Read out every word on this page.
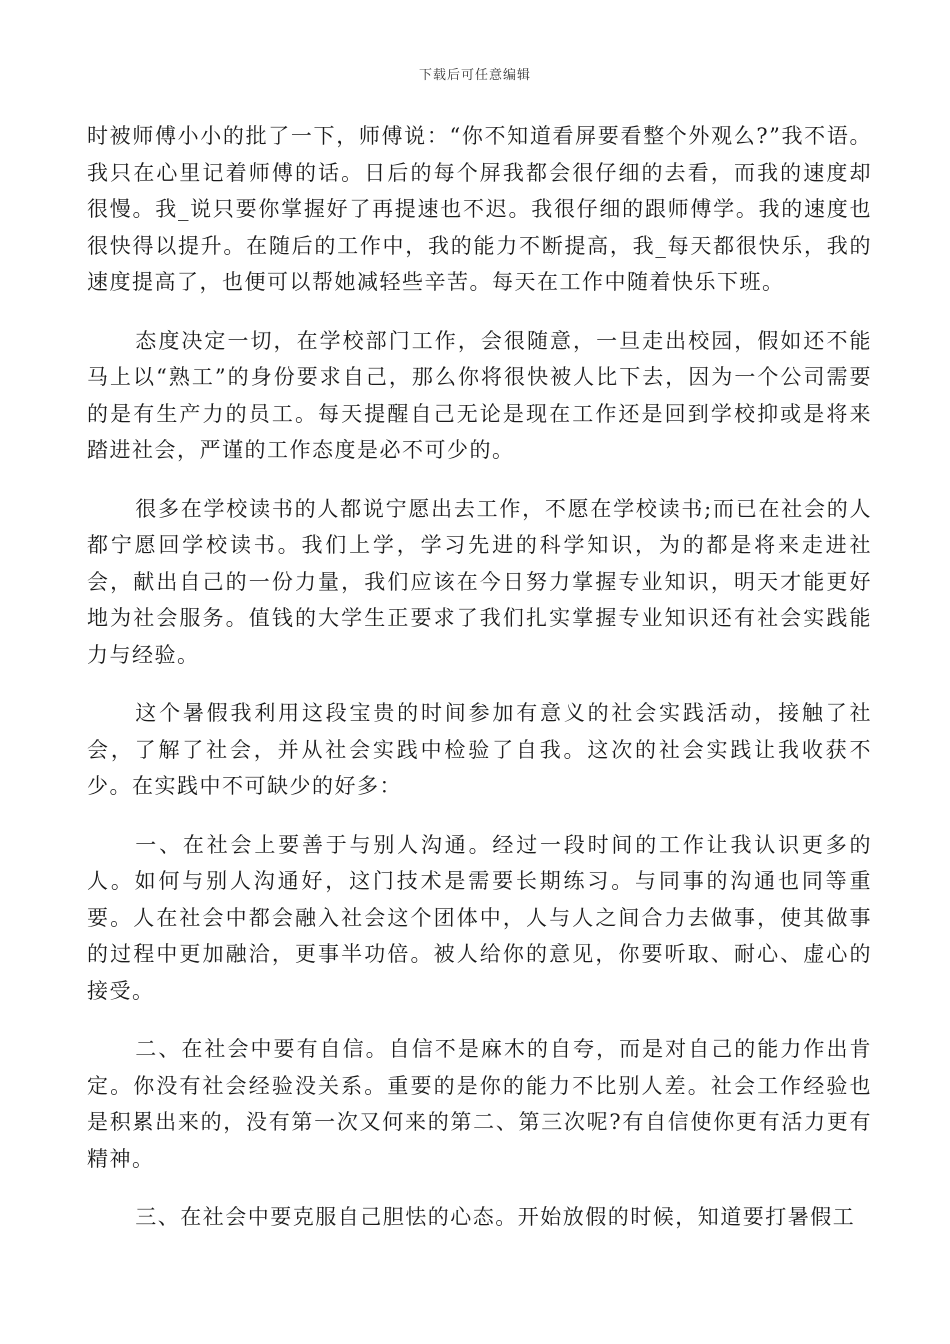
下载后可任意编辑

时被师傅小小的批了一下，师傅说：“你不知道看屏要看整个外观么?”我不语。我只在心里记着师傅的话。日后的每个屏我都会很仔细的去看，而我的速度却很慢。我_说只要你掌握好了再提速也不迟。我很仔细的跟师傅学。我的速度也很快得以提升。在随后的工作中，我的能力不断提高，我_每天都很快乐，我的速度提高了，也便可以帮她减轻些辛苦。每天在工作中随着快乐下班。

态度决定一切，在学校部门工作，会很随意，一旦走出校园，假如还不能马上以“熟工”的身份要求自己，那么你将很快被人比下去，因为一个公司需要的是有生产力的员工。每天提醒自己无论是现在工作还是回到学校抑或是将来踏进社会，严谨的工作态度是必不可少的。

很多在学校读书的人都说宁愿出去工作，不愿在学校读书;而已在社会的人都宁愿回学校读书。我们上学，学习先进的科学知识，为的都是将来走进社会，献出自己的一份力量，我们应该在今日努力掌握专业知识，明天才能更好地为社会服务。值钱的大学生正要求了我们扎实掌握专业知识还有社会实践能力与经验。

这个暑假我利用这段宝贵的时间参加有意义的社会实践活动，接触了社会，了解了社会，并从社会实践中检验了自我。这次的社会实践让我收获不少。在实践中不可缺少的好多：

一、在社会上要善于与别人沟通。经过一段时间的工作让我认识更多的人。如何与别人沟通好，这门技术是需要长期练习。与同事的沟通也同等重要。人在社会中都会融入社会这个团体中，人与人之间合力去做事，使其做事的过程中更加融洽，更事半功倍。被人给你的意见，你要听取、耐心、虚心的接受。

二、在社会中要有自信。自信不是麻木的自夸，而是对自己的能力作出肯定。你没有社会经验没关系。重要的是你的能力不比别人差。社会工作经验也是积累出来的，没有第一次又何来的第二、第三次呢?有自信使你更有活力更有精神。

三、在社会中要克服自己胆怯的心态。开始放假的时候，知道要打暑假工
